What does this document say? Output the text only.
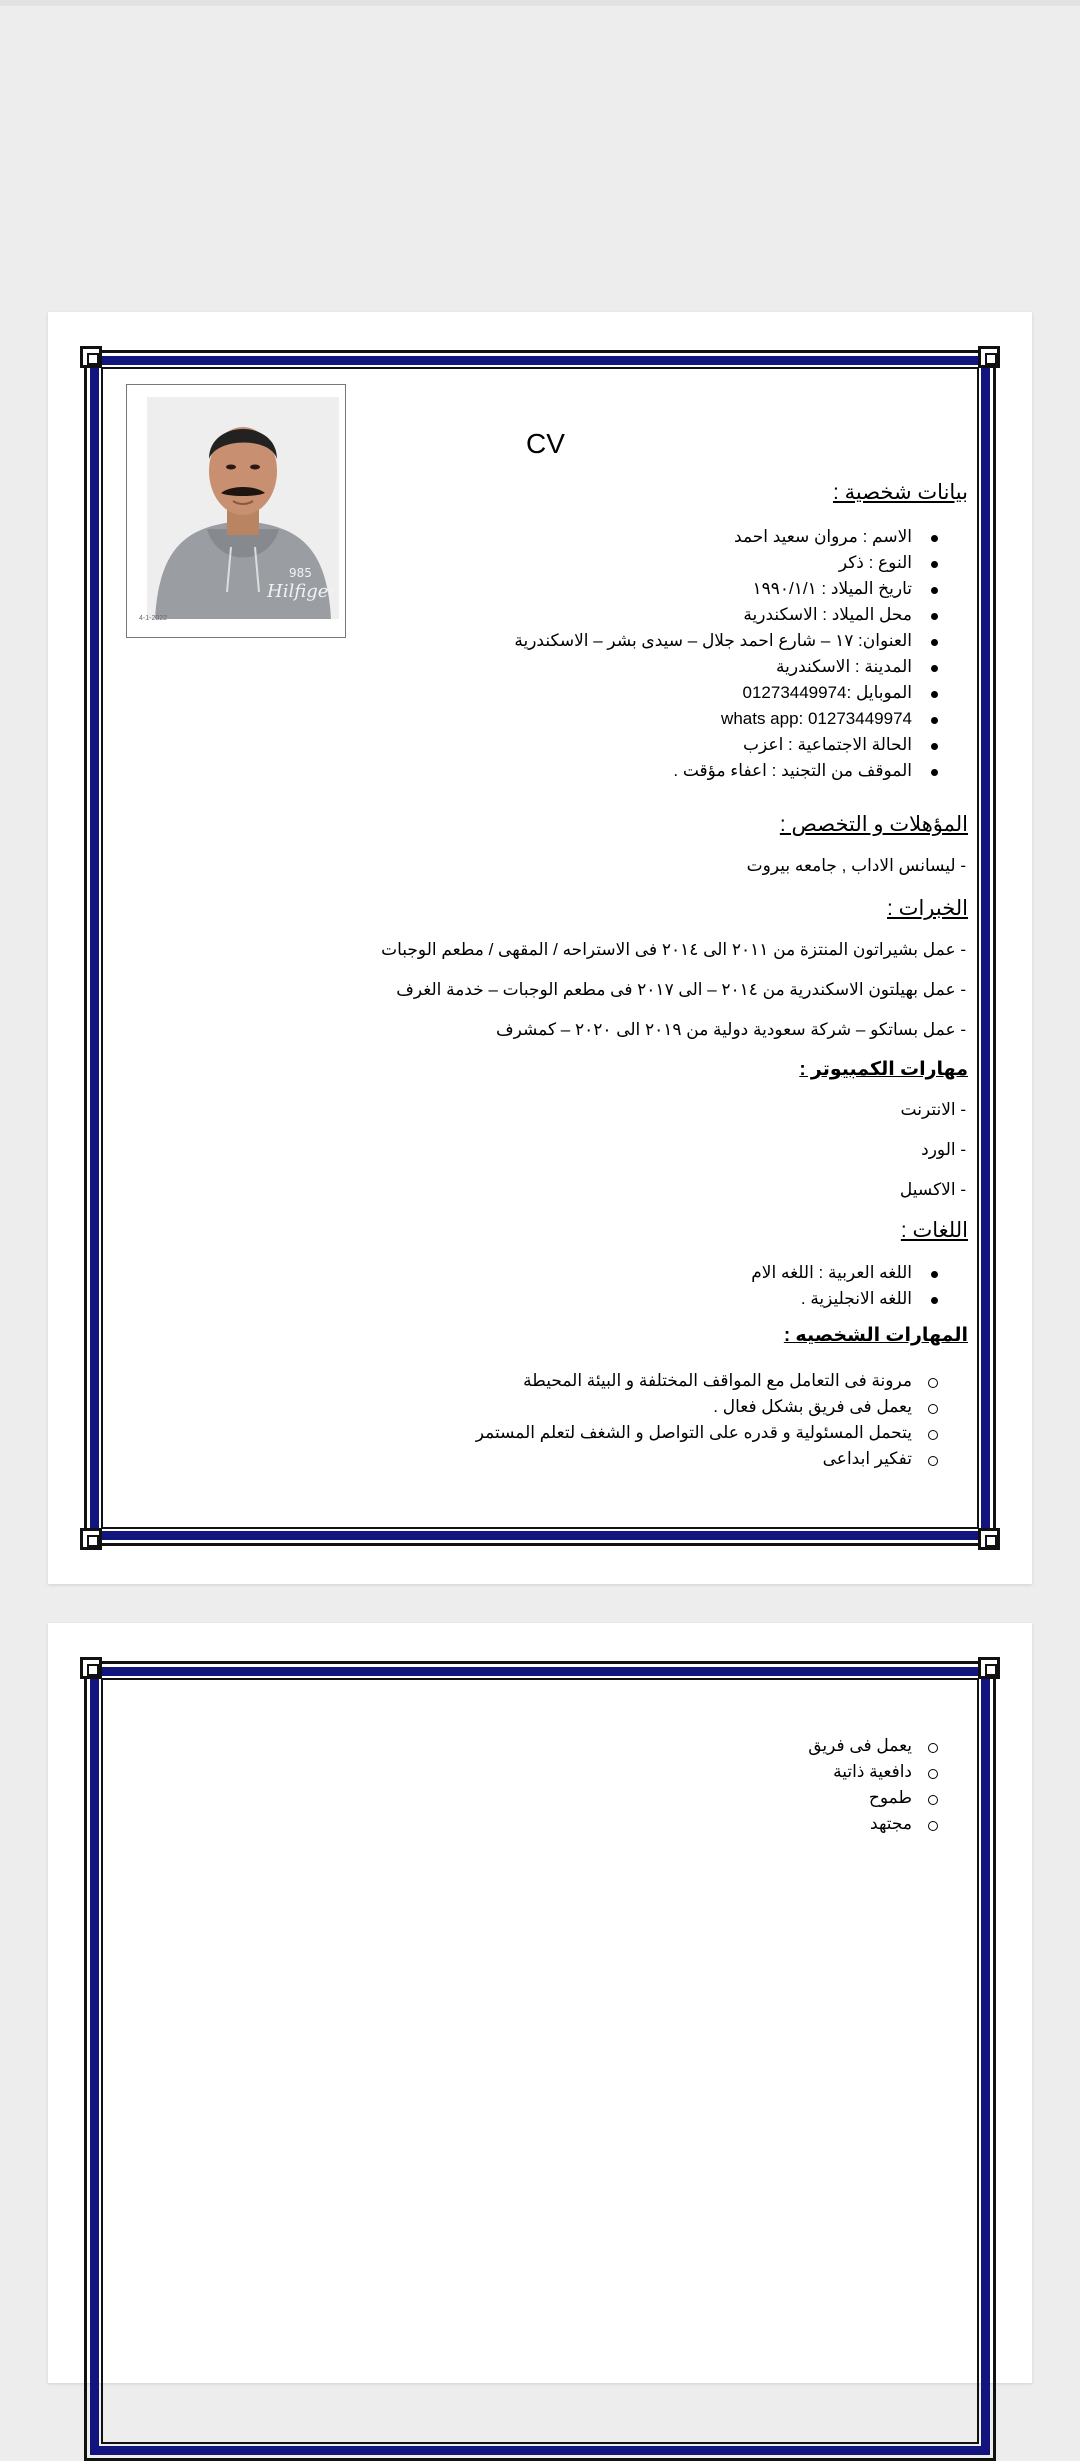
Hilfiger
985
4-1-2022
CV
بيانات شخصية :
الاسم : مروان سعيد احمد
النوع : ذكر
تاريخ الميلاد : ١٩٩٠/١/١
محل الميلاد : الاسكندرية
العنوان: ١٧ – شارع احمد جلال – سيدى بشر – الاسكندرية
المدينة : الاسكندرية
الموبايل :01273449974
whats app: 01273449974
الحالة الاجتماعية : اعزب
الموقف من التجنيد : اعفاء مؤقت .
المؤهلات و التخصص :
- ليسانس الاداب , جامعه بيروت
الخبرات :
- عمل بشيراتون المنتزة من ٢٠١١ الى ٢٠١٤ فى الاستراحه / المقهى / مطعم الوجبات
- عمل بهيلتون الاسكندرية من ٢٠١٤ – الى ٢٠١٧ فى مطعم الوجبات – خدمة الغرف
- عمل بساتكو – شركة سعودية دولية من ٢٠١٩ الى ٢٠٢٠ – كمشرف
مهارات الكمبيوتر :
- الانترنت
- الورد
- الاكسيل
اللغات :
اللغه العربية : اللغه الام
اللغه الانجليزية .
المهارات الشخصيه :
مرونة فى التعامل مع المواقف المختلفة و البيئة المحيطة
يعمل فى فريق بشكل فعال .
يتحمل المسئولية و قدره على التواصل و الشغف لتعلم المستمر
تفكير ابداعى
يعمل فى فريق
دافعية ذاتية
طموح
مجتهد
